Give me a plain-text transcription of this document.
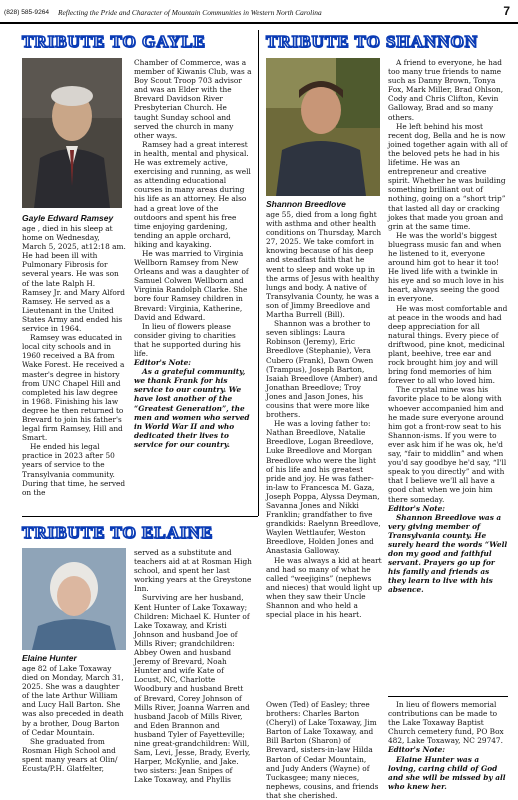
(828) 585-9264 Reflecting the Pride and Character of Mountain Communities in Western North Carolina	7
TRIBUTE TO GAYLE
Gayle Edward Ramsey

age , died in his sleep at home on Wednesday, March 5, 2025, at12:18 am. He had been ill with Pulmonary Fibrosis for several years. He was son of the late Ralph H. Ramsey Jr. and Mary Alford Ramsey. He served as a Lieutenant in the United States Army and ended his service in 1964.

Ramsey was educated in local city schools and in 1960 received a BA from Wake Forest. He received a master's degree in history from UNC Chapel Hill and completed his law degree in 1968. Finishing his law degree he then returned to Brevard to join his father's legal firm Ramsey, Hill and Smart.

He ended his legal practice in 2023 after 50 years of service to the Transylvania community. During that time, he served on the

Chamber of Commerce, was a member of Kiwanis Club, was a Boy Scout Troop 703 advisor and was an Elder with the Brevard Davidson River Presbyterian Church. He taught Sunday school and served the church in many other ways.

Ramsey had a great interest in health, mental and physical. He was extremely active, exercising and running, as well as attending educational courses in many areas during his life as an attorney. He also had a great love of the outdoors and spent his free time enjoying gardening, tending an apple orchard, hiking and kayaking.

He was married to Virginia Wellborn Ramsey from New Orleans and was a daughter of Samuel Colwen Wellborn and Virginia Randolph Clarke. She bore four Ramsey children in Brevard: Virginia, Katherine, David and Edward.

In lieu of flowers please consider giving to charities that he supported during his life.

Editor's Note:

As a grateful community, we thank Frank for his service to our country. We have lost another of the “Greatest Generation”, the men and women who served in World War II and who dedicated their lives to service for our country.

TRIBUTE TO SHANNON
Shannon Breedlove

age 55, died from a long fight with asthma and other health conditions on Thursday, March 27, 2025. We take comfort in knowing because of his deep and steadfast faith that he went to sleep and woke up in the arms of Jesus with healthy lungs and body. A native of Transylvania County, he was a son of Jimmy Breedlove and Martha Burrell (Bill).

Shannon was a brother to seven siblings: Laura Robinson (Jeremy), Eric Breedlove (Stephanie), Vera Cubero (Frank), Dawn Owen (Trampus), Joseph Barton, Isaiah Breedlove (Amber) and Jonathan Breedlove; Troy Jones and Jason Jones, his cousins that were more like brothers.

He was a loving father to: Nathan Breedlove, Natalie Breedlove, Logan Breedlove, Luke Breedlove and Morgan Breedlove who were the light of his life and his greatest pride and joy. He was father-in-law to Francesca M. Gaza, Joseph Poppa, Alyssa Deyman, Savanna Jones and Nikki Franklin; grandfather to five grandkids: Raelynn Breedlove, Waylen Wettlaufer, Weston Breedlove, Holden Jones and Anastasia Galloway.

He was always a kid at heart and had so many of what he called “weejigins” (nephews and nieces) that would light up when they saw their Uncle Shannon and who held a special place in his heart.

A friend to everyone, he had too many true friends to name such as Danny Brown, Tonya Fox, Mark Miller, Brad Ohlson, Cody and Chris Clifton, Kevin Galloway, Brad and so many others.

He left behind his most recent dog, Bella and he is now joined together again with all of the beloved pets he had in his lifetime. He was an entrepreneur and creative spirit. Whether he was building something brilliant out of nothing, going on a “short trip” that lasted all day or cracking jokes that made you groan and grin at the same time.

He was the world's biggest bluegrass music fan and when he listened to it, everyone around him got to hear it too! He lived life with a twinkle in his eye and so much love in his heart, always seeing the good in everyone.

He was most comfortable and at peace in the woods and had deep appreciation for all natural things. Every piece of driftwood, pine knot, medicinal plant, beehive, tree ear and rock brought him joy and will bring fond memories of him forever to all who loved him.

The crystal mine was his favorite place to be along with whoever accompanied him and he made sure everyone around him got a front-row seat to his Shannon-isms. If you were to ever ask him if he was ok, he'd say, “fair to middlin” and when you'd say goodbye he'd say, “I'll speak to you directly” and with that I believe we'll all have a good chat when we join him there someday.

Editor's Note:

Shannon Breedlove was a very giving member of Transylvania county. He surely heard the words “Well don my good and faithful servant. Prayers go up for his family and friends as they learn to live with his absence.

TRIBUTE TO ELAINE
Elaine Hunter

age 82 of Lake Toxaway died on Monday, March 31, 2025. She was a daughter of the late Arthur William and Lucy Hall Barton. She was also preceded in death by a brother, Doug Barton of Cedar Mountain.

She graduated from Rosman High School and spent many years at Olin/ Ecusta/P.H. Glatfelter,

served as a substitute and teachers aid at at Rosman High school, and spent her last working years at the Greystone Inn.

Surviving are her husband, Kent Hunter of Lake Toxaway; Children: Michael K. Hunter of Lake Toxaway, and Kristi Johnson and husband Joe of Mills River; grandchildren: Abbey Owen and husband Jeremy of Brevard, Noah Hunter and wife Kate of Locust, NC, Charlotte Woodbury and husband Brett of Brevard, Corey Johnson of Mills River, Joanna Warren and husband Jacob of Mills River, and Eden Brannon and husband Tyler of Fayetteville; nine great-grandchildren: Will, Sam, Levi, Jesse, Brady, Everly, Harper, McKynlie, and Jake. two sisters: Jean Snipes of Lake Toxaway, and Phyllis

Owen (Ted) of Easley; three brothers: Charles Barton (Cheryl) of Lake Toxaway, Jim Barton of Lake Toxaway, and Bill Barton (Sharon) of Brevard, sisters-in-law Hilda Barton of Cedar Mountain, and Judy Anders (Wayne) of Tuckasgee; many nieces, nephews, cousins, and friends that she cherished.

In lieu of flowers memorial contributions can be made to the Lake Toxaway Baptist Church cemetery fund, PO Box 482, Lake Toxaway, NC 29747.

Editor's Note:

Elaine Hunter was a loving, caring child of God and she will be missed by all who knew her.
